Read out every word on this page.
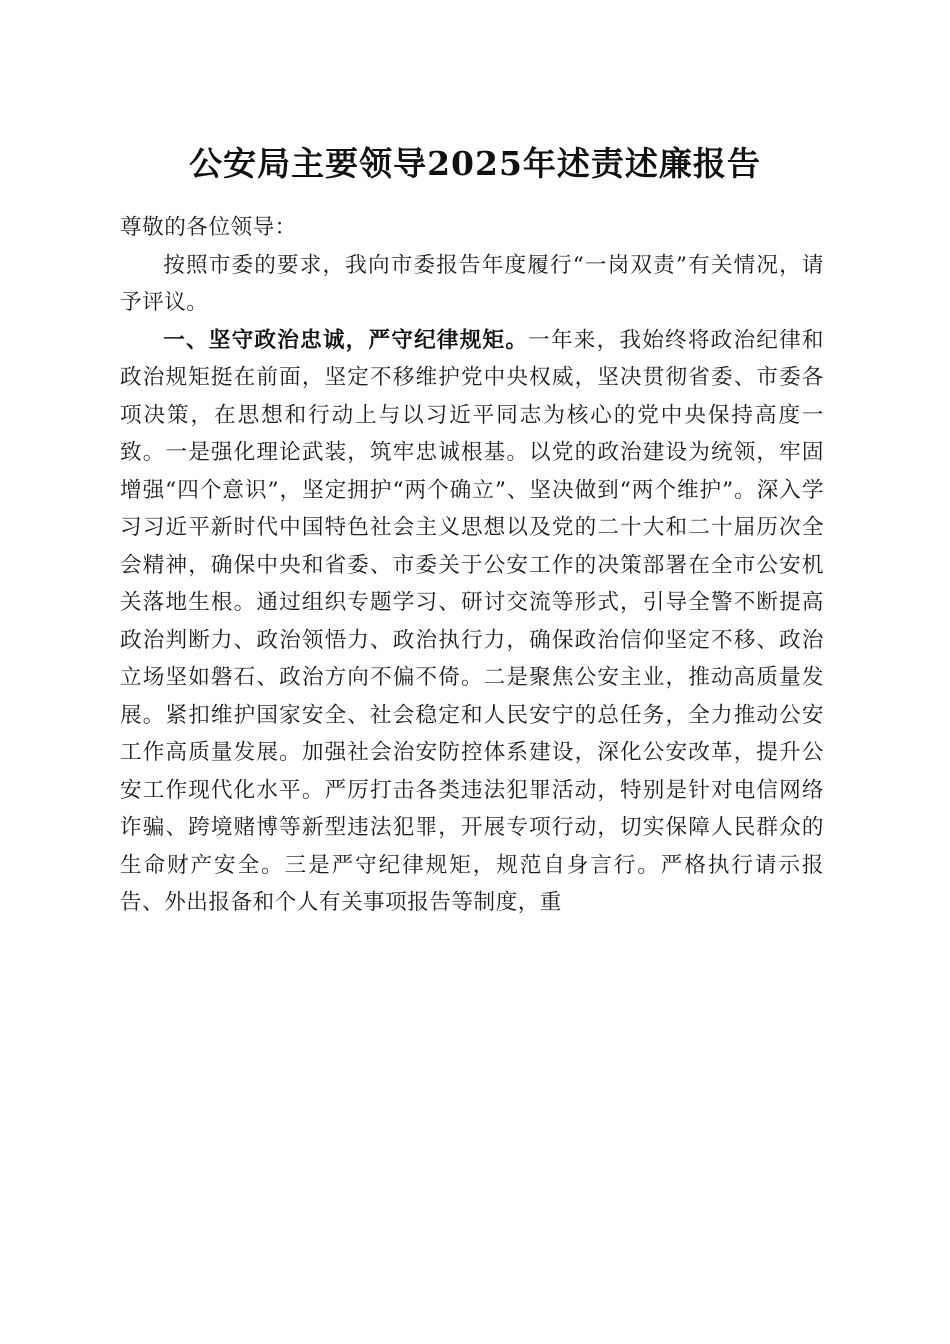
公安局主要领导2025年述责述廉报告

尊敬的各位领导：

按照市委的要求，我向市委报告年度履行“一岗双责”有关情况，请予评议。

一、坚守政治忠诚，严守纪律规矩。一年来，我始终将政治纪律和政治规矩挺在前面，坚定不移维护党中央权威，坚决贯彻省委、市委各项决策，在思想和行动上与以习近平同志为核心的党中央保持高度一致。一是强化理论武装，筑牢忠诚根基。以党的政治建设为统领，牢固增强“四个意识”，坚定拥护“两个确立”、坚决做到“两个维护”。深入学习习近平新时代中国特色社会主义思想以及党的二十大和二十届历次全会精神，确保中央和省委、市委关于公安工作的决策部署在全市公安机关落地生根。通过组织专题学习、研讨交流等形式，引导全警不断提高政治判断力、政治领悟力、政治执行力，确保政治信仰坚定不移、政治立场坚如磐石、政治方向不偏不倚。二是聚焦公安主业，推动高质量发展。紧扣维护国家安全、社会稳定和人民安宁的总任务，全力推动公安工作高质量发展。加强社会治安防控体系建设，深化公安改革，提升公安工作现代化水平。严厉打击各类违法犯罪活动，特别是针对电信网络诈骗、跨境赌博等新型违法犯罪，开展专项行动，切实保障人民群众的生命财产安全。三是严守纪律规矩，规范自身言行。严格执行请示报告、外出报备和个人有关事项报告等制度，重
